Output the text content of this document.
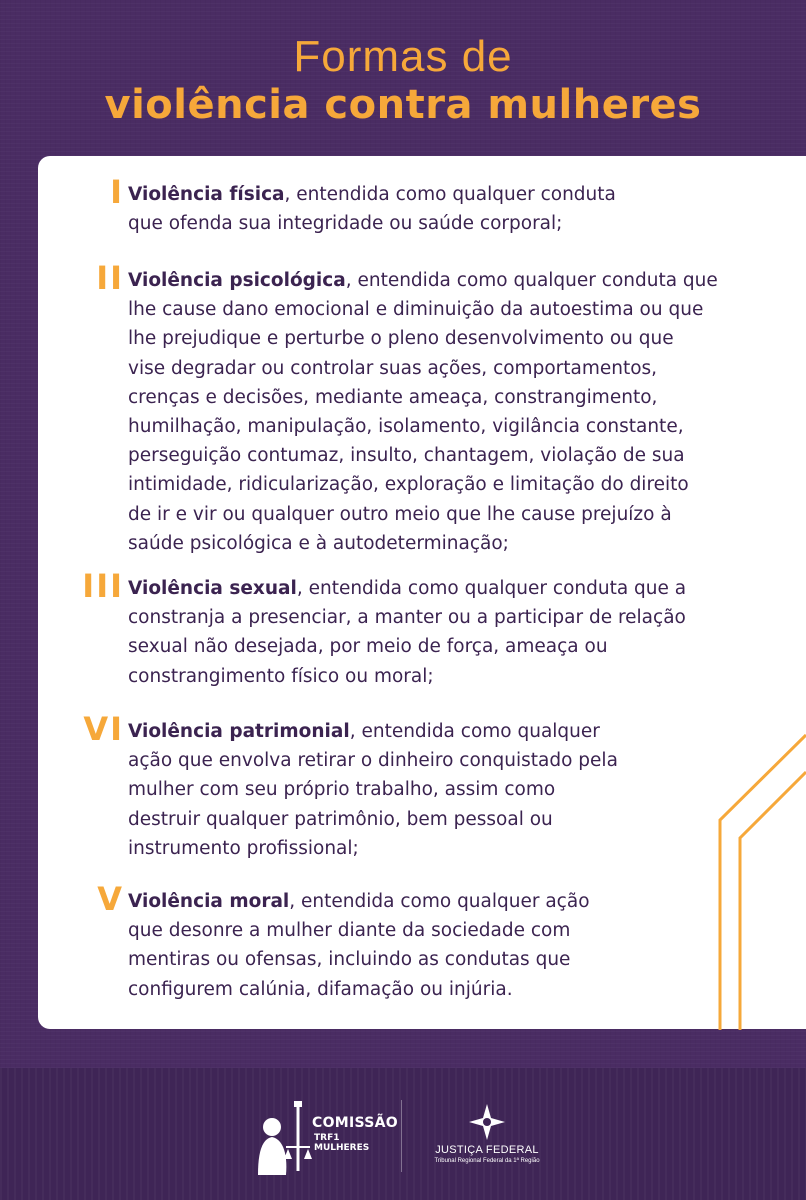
Formas de
violência contra mulheres
I Violência física, entendida como qualquer conduta
que ofenda sua integridade ou saúde corporal;
II Violência psicológica, entendida como qualquer conduta que
lhe cause dano emocional e diminuição da autoestima ou que
lhe prejudique e perturbe o pleno desenvolvimento ou que
vise degradar ou controlar suas ações, comportamentos,
crenças e decisões, mediante ameaça, constrangimento,
humilhação, manipulação, isolamento, vigilância constante,
perseguição contumaz, insulto, chantagem, violação de sua
intimidade, ridicularização, exploração e limitação do direito
de ir e vir ou qualquer outro meio que lhe cause prejuízo à
saúde psicológica e à autodeterminação;
III Violência sexual, entendida como qualquer conduta que a
constranja a presenciar, a manter ou a participar de relação
sexual não desejada, por meio de força, ameaça ou
constrangimento físico ou moral;
VI Violência patrimonial, entendida como qualquer
ação que envolva retirar o dinheiro conquistado pela
mulher com seu próprio trabalho, assim como
destruir qualquer patrimônio, bem pessoal ou
instrumento profissional;
V Violência moral, entendida como qualquer ação
que desonre a mulher diante da sociedade com
mentiras ou ofensas, incluindo as condutas que
configurem calúnia, difamação ou injúria.
COMISSÃO
TRF1 MULHERES	JUSTIÇA FEDERAL
Tribunal Regional Federal da 1ª Região
